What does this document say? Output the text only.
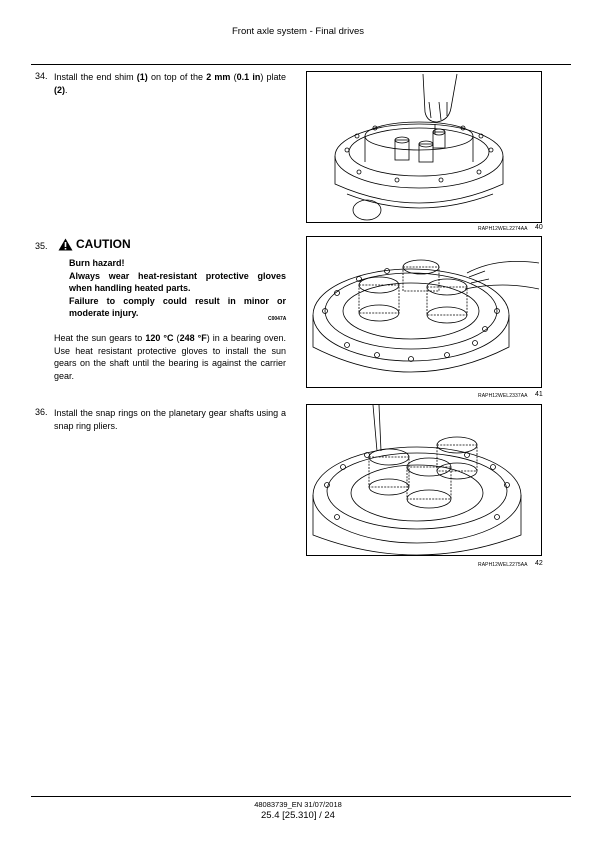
Front axle system - Final drives
34. Install the end shim (1) on top of the 2 mm (0.1 in) plate (2).
RAPH12WEL2274AA 40
35. CAUTION
Burn hazard!
Always wear heat-resistant protective gloves when handling heated parts.
Failure to comply could result in minor or moderate injury.
C0047A
Heat the sun gears to 120 °C (248 °F) in a bearing oven. Use heat resistant protective gloves to install the sun gears on the shaft until the bearing is against the carrier gear.
RAPH12WEL2337AA 41
36. Install the snap rings on the planetary gear shafts using a snap ring pliers.
RAPH12WEL2275AA 42
48083739_EN 31/07/2018
25.4 [25.310] / 24
